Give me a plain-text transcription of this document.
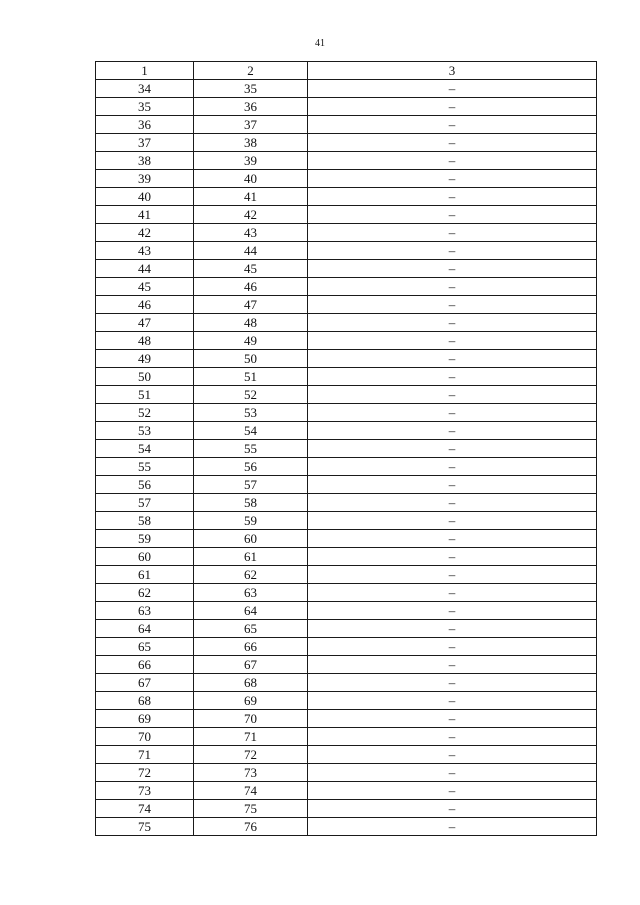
41
1	2	3
34	35	–
35	36	–
36	37	–
37	38	–
38	39	–
39	40	–
40	41	–
41	42	–
42	43	–
43	44	–
44	45	–
45	46	–
46	47	–
47	48	–
48	49	–
49	50	–
50	51	–
51	52	–
52	53	–
53	54	–
54	55	–
55	56	–
56	57	–
57	58	–
58	59	–
59	60	–
60	61	–
61	62	–
62	63	–
63	64	–
64	65	–
65	66	–
66	67	–
67	68	–
68	69	–
69	70	–
70	71	–
71	72	–
72	73	–
73	74	–
74	75	–
75	76	–
